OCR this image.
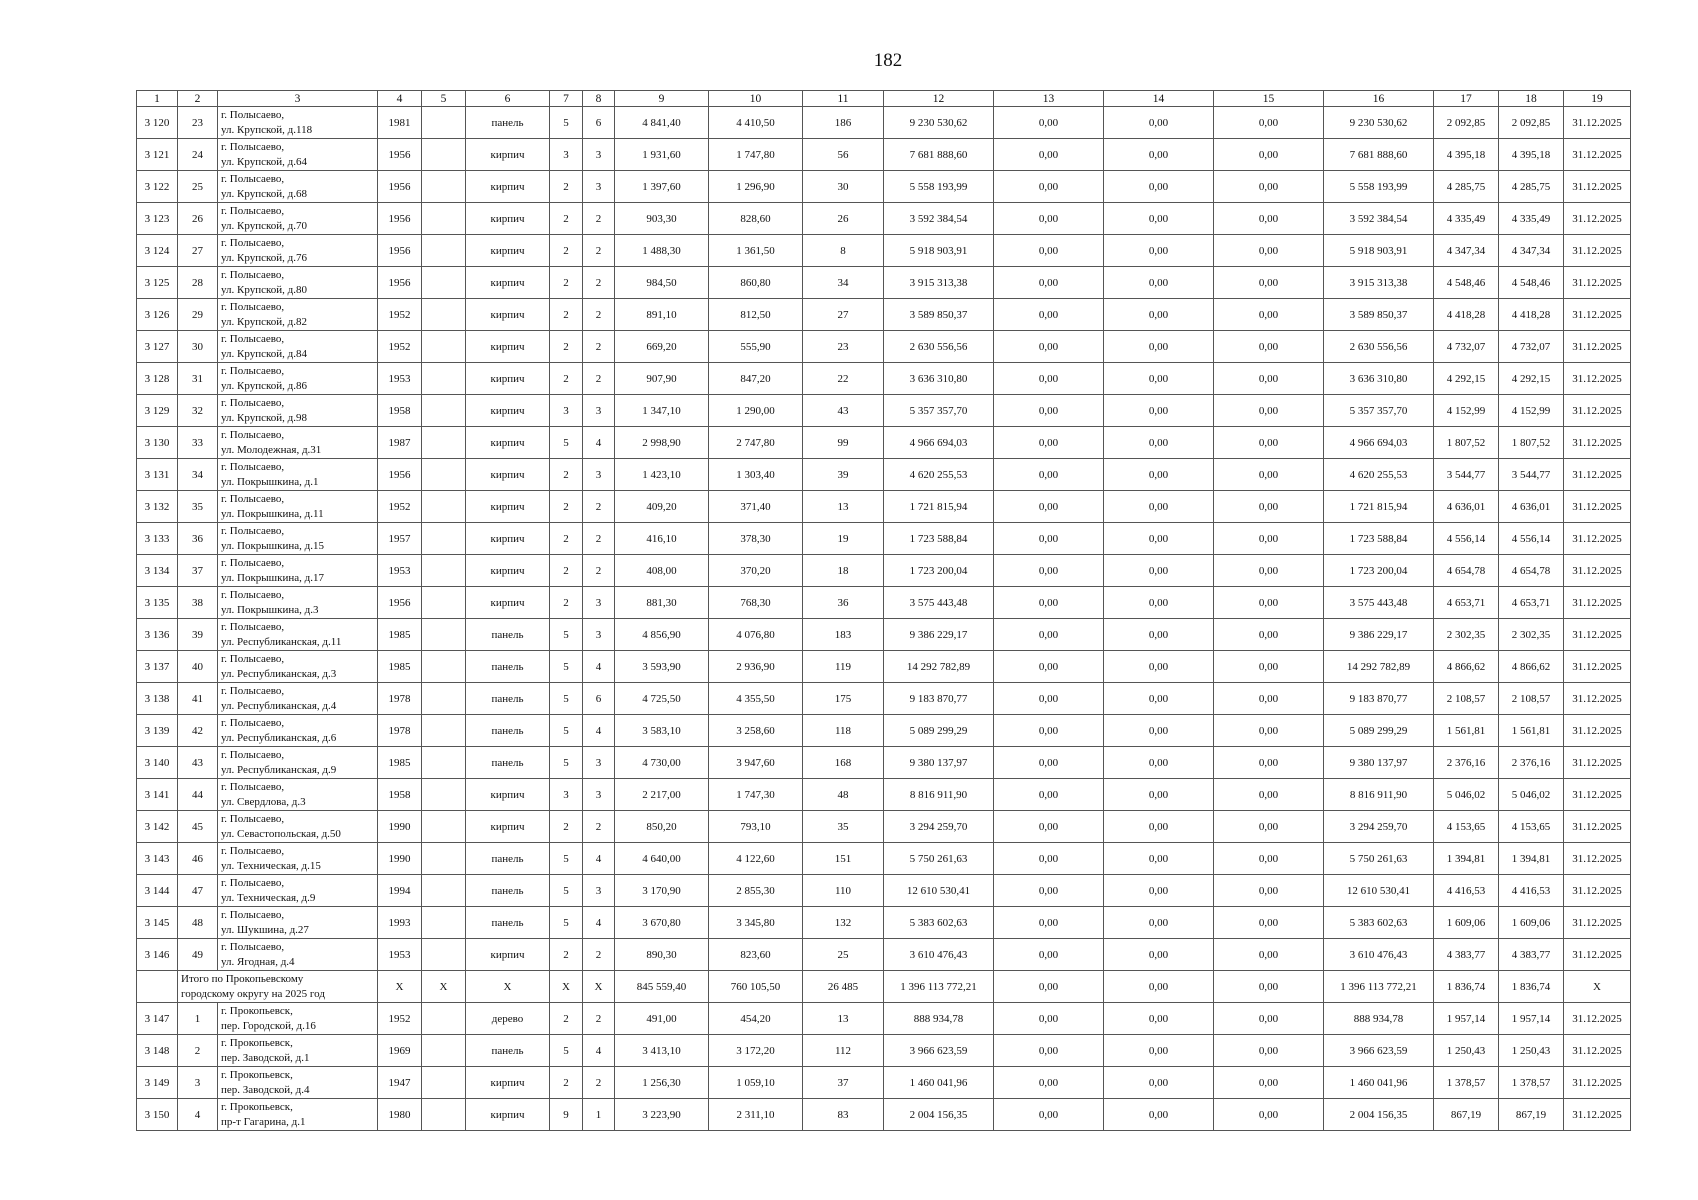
182
1	2	3	4	5	6	7	8	9	10	11	12	13	14	15	16	17	18	19
3 120	23	г. Полысаево,
ул. Крупской, д.118	1981		панель	5	6	4 841,40	4 410,50	186	9 230 530,62	0,00	0,00	0,00	9 230 530,62	2 092,85	2 092,85	31.12.2025
3 121	24	г. Полысаево,
ул. Крупской, д.64	1956		кирпич	3	3	1 931,60	1 747,80	56	7 681 888,60	0,00	0,00	0,00	7 681 888,60	4 395,18	4 395,18	31.12.2025
3 122	25	г. Полысаево,
ул. Крупской, д.68	1956		кирпич	2	3	1 397,60	1 296,90	30	5 558 193,99	0,00	0,00	0,00	5 558 193,99	4 285,75	4 285,75	31.12.2025
3 123	26	г. Полысаево,
ул. Крупской, д.70	1956		кирпич	2	2	903,30	828,60	26	3 592 384,54	0,00	0,00	0,00	3 592 384,54	4 335,49	4 335,49	31.12.2025
3 124	27	г. Полысаево,
ул. Крупской, д.76	1956		кирпич	2	2	1 488,30	1 361,50	8	5 918 903,91	0,00	0,00	0,00	5 918 903,91	4 347,34	4 347,34	31.12.2025
3 125	28	г. Полысаево,
ул. Крупской, д.80	1956		кирпич	2	2	984,50	860,80	34	3 915 313,38	0,00	0,00	0,00	3 915 313,38	4 548,46	4 548,46	31.12.2025
3 126	29	г. Полысаево,
ул. Крупской, д.82	1952		кирпич	2	2	891,10	812,50	27	3 589 850,37	0,00	0,00	0,00	3 589 850,37	4 418,28	4 418,28	31.12.2025
3 127	30	г. Полысаево,
ул. Крупской, д.84	1952		кирпич	2	2	669,20	555,90	23	2 630 556,56	0,00	0,00	0,00	2 630 556,56	4 732,07	4 732,07	31.12.2025
3 128	31	г. Полысаево,
ул. Крупской, д.86	1953		кирпич	2	2	907,90	847,20	22	3 636 310,80	0,00	0,00	0,00	3 636 310,80	4 292,15	4 292,15	31.12.2025
3 129	32	г. Полысаево,
ул. Крупской, д.98	1958		кирпич	3	3	1 347,10	1 290,00	43	5 357 357,70	0,00	0,00	0,00	5 357 357,70	4 152,99	4 152,99	31.12.2025
3 130	33	г. Полысаево,
ул. Молодежная, д.31	1987		кирпич	5	4	2 998,90	2 747,80	99	4 966 694,03	0,00	0,00	0,00	4 966 694,03	1 807,52	1 807,52	31.12.2025
3 131	34	г. Полысаево,
ул. Покрышкина, д.1	1956		кирпич	2	3	1 423,10	1 303,40	39	4 620 255,53	0,00	0,00	0,00	4 620 255,53	3 544,77	3 544,77	31.12.2025
3 132	35	г. Полысаево,
ул. Покрышкина, д.11	1952		кирпич	2	2	409,20	371,40	13	1 721 815,94	0,00	0,00	0,00	1 721 815,94	4 636,01	4 636,01	31.12.2025
3 133	36	г. Полысаево,
ул. Покрышкина, д.15	1957		кирпич	2	2	416,10	378,30	19	1 723 588,84	0,00	0,00	0,00	1 723 588,84	4 556,14	4 556,14	31.12.2025
3 134	37	г. Полысаево,
ул. Покрышкина, д.17	1953		кирпич	2	2	408,00	370,20	18	1 723 200,04	0,00	0,00	0,00	1 723 200,04	4 654,78	4 654,78	31.12.2025
3 135	38	г. Полысаево,
ул. Покрышкина, д.3	1956		кирпич	2	3	881,30	768,30	36	3 575 443,48	0,00	0,00	0,00	3 575 443,48	4 653,71	4 653,71	31.12.2025
3 136	39	г. Полысаево,
ул. Республиканская, д.11	1985		панель	5	3	4 856,90	4 076,80	183	9 386 229,17	0,00	0,00	0,00	9 386 229,17	2 302,35	2 302,35	31.12.2025
3 137	40	г. Полысаево,
ул. Республиканская, д.3	1985		панель	5	4	3 593,90	2 936,90	119	14 292 782,89	0,00	0,00	0,00	14 292 782,89	4 866,62	4 866,62	31.12.2025
3 138	41	г. Полысаево,
ул. Республиканская, д.4	1978		панель	5	6	4 725,50	4 355,50	175	9 183 870,77	0,00	0,00	0,00	9 183 870,77	2 108,57	2 108,57	31.12.2025
3 139	42	г. Полысаево,
ул. Республиканская, д.6	1978		панель	5	4	3 583,10	3 258,60	118	5 089 299,29	0,00	0,00	0,00	5 089 299,29	1 561,81	1 561,81	31.12.2025
3 140	43	г. Полысаево,
ул. Республиканская, д.9	1985		панель	5	3	4 730,00	3 947,60	168	9 380 137,97	0,00	0,00	0,00	9 380 137,97	2 376,16	2 376,16	31.12.2025
3 141	44	г. Полысаево,
ул. Свердлова, д.3	1958		кирпич	3	3	2 217,00	1 747,30	48	8 816 911,90	0,00	0,00	0,00	8 816 911,90	5 046,02	5 046,02	31.12.2025
3 142	45	г. Полысаево,
ул. Севастопольская, д.50	1990		кирпич	2	2	850,20	793,10	35	3 294 259,70	0,00	0,00	0,00	3 294 259,70	4 153,65	4 153,65	31.12.2025
3 143	46	г. Полысаево,
ул. Техническая, д.15	1990		панель	5	4	4 640,00	4 122,60	151	5 750 261,63	0,00	0,00	0,00	5 750 261,63	1 394,81	1 394,81	31.12.2025
3 144	47	г. Полысаево,
ул. Техническая, д.9	1994		панель	5	3	3 170,90	2 855,30	110	12 610 530,41	0,00	0,00	0,00	12 610 530,41	4 416,53	4 416,53	31.12.2025
3 145	48	г. Полысаево,
ул. Шукшина, д.27	1993		панель	5	4	3 670,80	3 345,80	132	5 383 602,63	0,00	0,00	0,00	5 383 602,63	1 609,06	1 609,06	31.12.2025
3 146	49	г. Полысаево,
ул. Ягодная, д.4	1953		кирпич	2	2	890,30	823,60	25	3 610 476,43	0,00	0,00	0,00	3 610 476,43	4 383,77	4 383,77	31.12.2025

	Итого по Прокопьевскому
городскому округу на 2025 год		X	X	X	X	X	845 559,40	760 105,50	26 485	1 396 113 772,21	0,00	0,00	0,00	1 396 113 772,21	1 836,74	1 836,74	X
3 147	1	г. Прокопьевск,
пер. Городской, д.16	1952		дерево	2	2	491,00	454,20	13	888 934,78	0,00	0,00	0,00	888 934,78	1 957,14	1 957,14	31.12.2025
3 148	2	г. Прокопьевск,
пер. Заводской, д.1	1969		панель	5	4	3 413,10	3 172,20	112	3 966 623,59	0,00	0,00	0,00	3 966 623,59	1 250,43	1 250,43	31.12.2025
3 149	3	г. Прокопьевск,
пер. Заводской, д.4	1947		кирпич	2	2	1 256,30	1 059,10	37	1 460 041,96	0,00	0,00	0,00	1 460 041,96	1 378,57	1 378,57	31.12.2025
3 150	4	г. Прокопьевск,
пр-т Гагарина, д.1	1980		кирпич	9	1	3 223,90	2 311,10	83	2 004 156,35	0,00	0,00	0,00	2 004 156,35	867,19	867,19	31.12.2025
